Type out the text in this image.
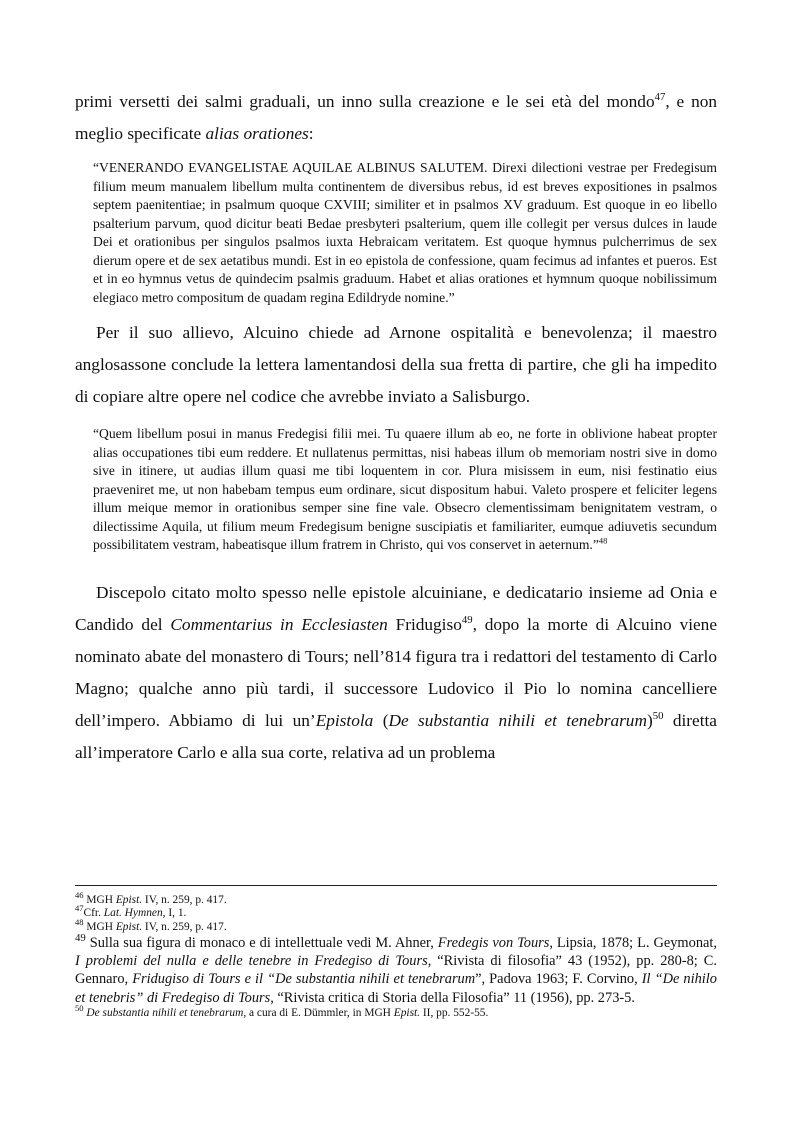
primi versetti dei salmi graduali, un inno sulla creazione e le sei età del mondo$^{47}$, e non meglio specificate alias orationes:

“VENERANDO EVANGELISTAE AQUILAE ALBINUS SALUTEM. Direxi dilectioni vestrae per Fredegisum filium meum manualem libellum multa continentem de diversibus rebus, id est breves expositiones in psalmos septem paenitentiae; in psalmum quoque CXVIII; similiter et in psalmos XV graduum. Est quoque in eo libello psalterium parvum, quod dicitur beati Bedae presbyteri psalterium, quem ille collegit per versus dulces in laude Dei et orationibus per singulos psalmos iuxta Hebraicam veritatem. Est quoque hymnus pulcherrimus de sex dierum opere et de sex aetatibus mundi. Est in eo epistola de confessione, quam fecimus ad infantes et pueros. Est et in eo hymnus vetus de quindecim psalmis graduum. Habet et alias orationes et hymnum quoque nobilissimum elegiaco metro compositum de quadam regina Edildryde nomine.”

Per il suo allievo, Alcuino chiede ad Arnone ospitalità e benevolenza; il maestro anglosassone conclude la lettera lamentandosi della sua fretta di partire, che gli ha impedito di copiare altre opere nel codice che avrebbe inviato a Salisburgo.

“Quem libellum posui in manus Fredegisi filii mei. Tu quaere illum ab eo, ne forte in oblivione habeat propter alias occupationes tibi eum reddere. Et nullatenus permittas, nisi habeas illum ob memoriam nostri sive in domo sive in itinere, ut audias illum quasi me tibi loquentem in cor. Plura misissem in eum, nisi festinatio eius praeveniret me, ut non habebam tempus eum ordinare, sicut dispositum habui. Valeto prospere et feliciter legens illum meique memor in orationibus semper sine fine vale. Obsecro clementissimam benignitatem vestram, o dilectissime Aquila, ut filium meum Fredegisum benigne suscipiatis et familiariter, eumque adiuvetis secundum possibilitatem vestram, habeatisque illum fratrem in Christo, qui vos conservet in aeternum.”$^{48}$

Discepolo citato molto spesso nelle epistole alcuiniane, e dedicatario insieme ad Onia e Candido del Commentarius in Ecclesiasten Fridugiso$^{49}$, dopo la morte di Alcuino viene nominato abate del monastero di Tours; nell’814 figura tra i redattori del testamento di Carlo Magno; qualche anno più tardi, il successore Ludovico il Pio lo nomina cancelliere dell’impero. Abbiamo di lui un’Epistola (De substantia nihili et tenebrarum)$^{50}$ diretta all’imperatore Carlo e alla sua corte, relativa ad un problema

$^{46}$ MGH Epist. IV, n. 259, p. 417.

$^{47}$Cfr. Lat. Hymnen, I, 1.

$^{48}$ MGH Epist. IV, n. 259, p. 417.

$^{49}$ Sulla sua figura di monaco e di intellettuale vedi M. Ahner, Fredegis von Tours, Lipsia, 1878; L. Geymonat, I problemi del nulla e delle tenebre in Fredegiso di Tours, “Rivista di filosofia” 43 (1952), pp. 280-8; C. Gennaro, Fridugiso di Tours e il “De substantia nihili et tenebrarum”, Padova 1963; F. Corvino, Il “De nihilo et tenebris” di Fredegiso di Tours, “Rivista critica di Storia della Filosofia” 11 (1956), pp. 273-5.

$^{50}$ De substantia nihili et tenebrarum, a cura di E. Dümmler, in MGH Epist. II, pp. 552-55.
